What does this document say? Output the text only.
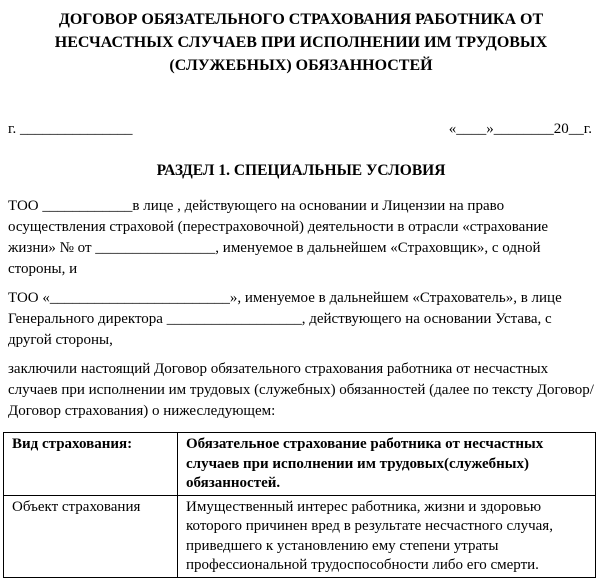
ДОГОВОР ОБЯЗАТЕЛЬНОГО СТРАХОВАНИЯ РАБОТНИКА ОТ НЕСЧАСТНЫХ СЛУЧАЕВ ПРИ ИСПОЛНЕНИИ ИМ ТРУДОВЫХ (СЛУЖЕБНЫХ) ОБЯЗАННОСТЕЙ
г. _______________	«____»________20__г.
РАЗДЕЛ 1. СПЕЦИАЛЬНЫЕ УСЛОВИЯ

ТОО ____________в лице , действующего на основании и Лицензии на право осуществления страховой (перестраховочной) деятельности в отрасли «страхование жизни» № от ________________, именуемое в дальнейшем «Страховщик», с одной стороны, и

ТОО «________________________», именуемое в дальнейшем «Страхователь», в лице Генерального директора __________________, действующего на основании Устава, с другой стороны,

заключили настоящий Договор обязательного страхования работника от несчастных случаев при исполнении им трудовых (служебных) обязанностей (далее по тексту Договор/Договор страхования) о нижеследующем:

Вид страхования:	Обязательное страхование работника от несчастных случаев при исполнении им трудовых(служебных) обязанностей.
Объект страхования	Имущественный интерес работника, жизни и здоровью которого причинен вред в результате несчастного случая, приведшего к установлению ему степени утраты профессиональной трудоспособности либо его смерти.
